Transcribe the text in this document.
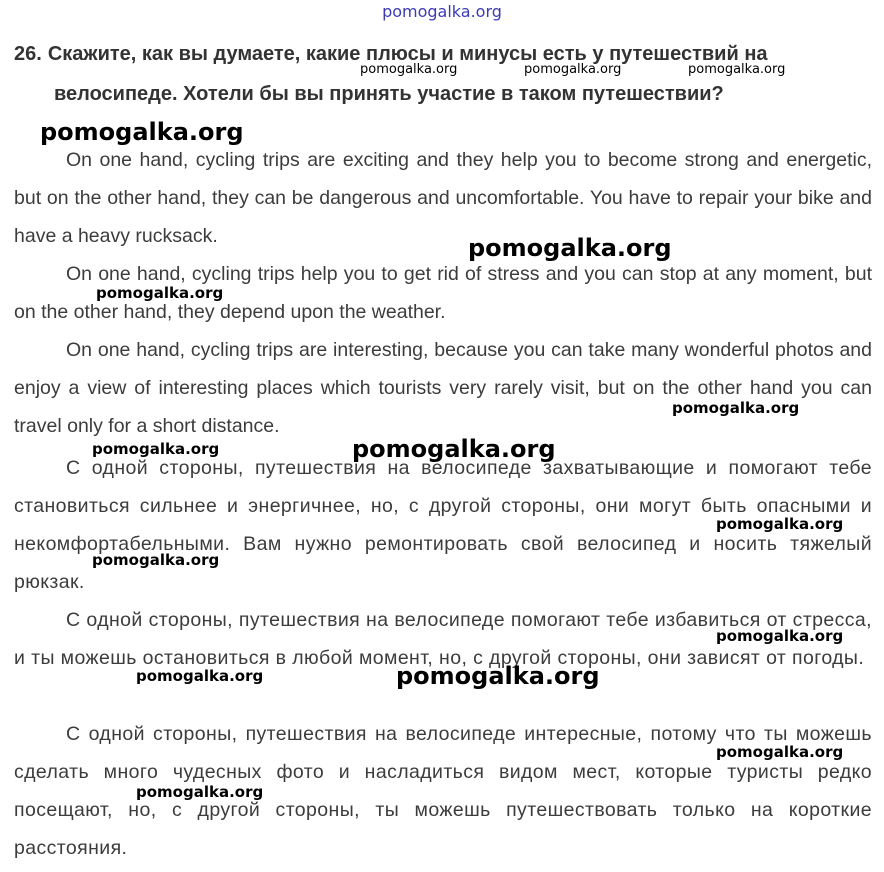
pomogalka.org
26. Скажите, как вы думаете, какие плюсы и минусы есть у путешествий на
велосипеде. Хотели бы вы принять участие в таком путешествии?

On one hand, cycling trips are exciting and they help you to become strong and energetic, but on the other hand, they can be dangerous and uncomfortable. You have to repair your bike and have a heavy rucksack.

On one hand, cycling trips help you to get rid of stress and you can stop at any moment, but on the other hand, they depend upon the weather.

On one hand, cycling trips are interesting, because you can take many wonderful photos and enjoy a view of interesting places which tourists very rarely visit, but on the other hand you can travel only for a short distance.

С одной стороны, путешествия на велосипеде захватывающие и помогают тебе становиться сильнее и энергичнее, но, с другой стороны, они могут быть опасными и некомфортабельными. Вам нужно ремонтировать свой велосипед и носить тяжелый рюкзак.

С одной стороны, путешествия на велосипеде помогают тебе избавиться от стресса, и ты можешь остановиться в любой момент, но, с другой стороны, они зависят от погоды.

С одной стороны, путешествия на велосипеде интересные, потому что ты можешь сделать много чудесных фото и насладиться видом мест, которые туристы редко посещают, но, с другой стороны, ты можешь путешествовать только на короткие расстояния.

pomogalka.org	pomogalka.org	pomogalka.org
pomogalka.org
pomogalka.org
pomogalka.org
pomogalka.org
pomogalka.org	pomogalka.org
pomogalka.org
pomogalka.org
pomogalka.org
pomogalka.org	pomogalka.org
pomogalka.org
pomogalka.org
